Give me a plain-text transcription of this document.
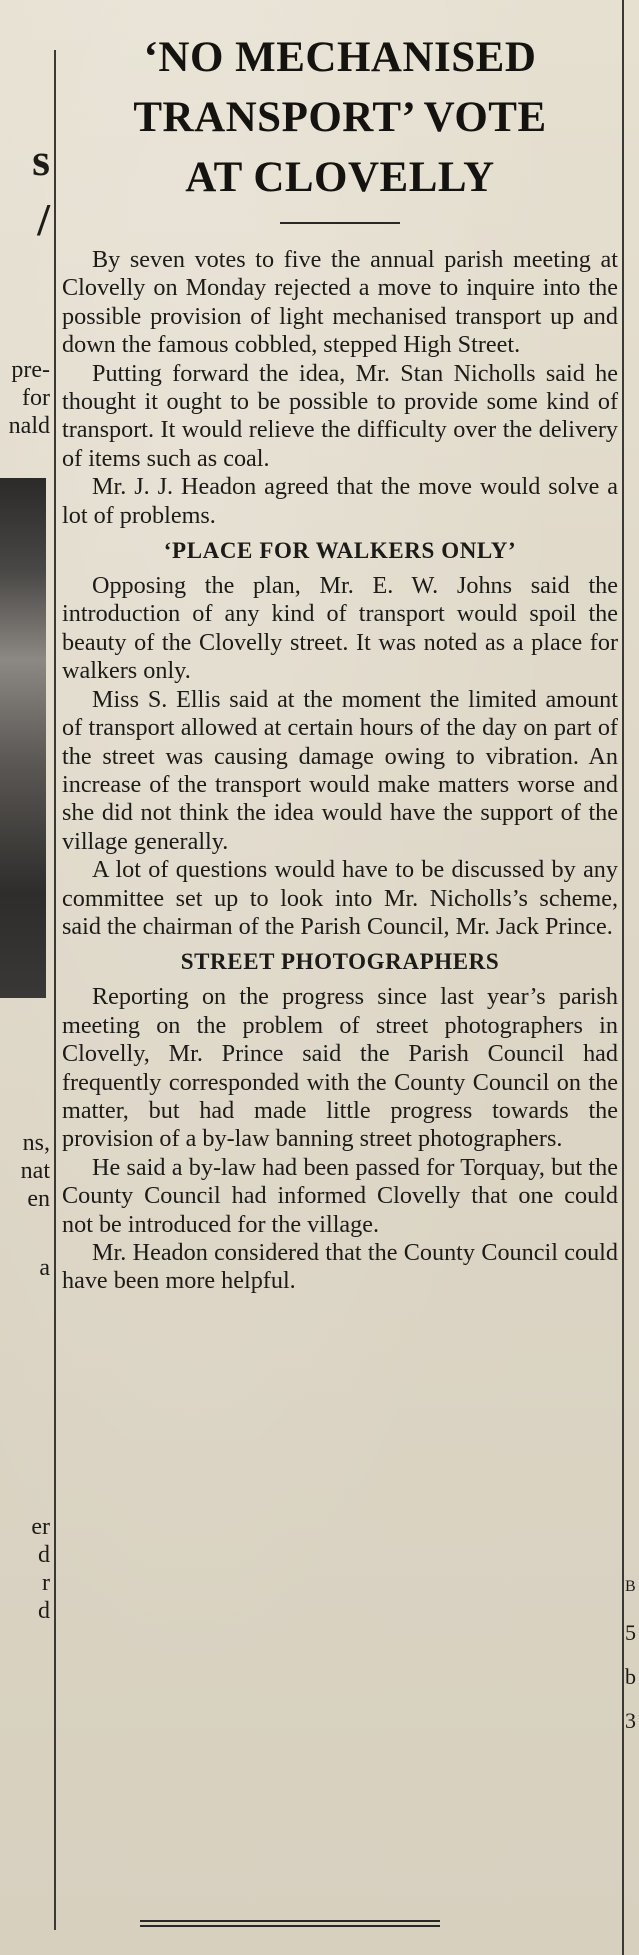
s
/
pre-
for
nald
ns,
nat
en
a
er
d
r
d
‘NO MECHANISED
TRANSPORT’ VOTE
AT CLOVELLY

By seven votes to five the annual parish meeting at Clovelly on Monday rejected a move to inquire into the possible provision of light mechanised transport up and down the famous cobbled, stepped High Street.

Putting forward the idea, Mr. Stan Nicholls said he thought it ought to be possible to provide some kind of transport. It would relieve the difficulty over the delivery of items such as coal.

Mr. J. J. Headon agreed that the move would solve a lot of problems.

‘PLACE FOR WALKERS ONLY’

Opposing the plan, Mr. E. W. Johns said the introduction of any kind of transport would spoil the beauty of the Clovelly street. It was noted as a place for walkers only.

Miss S. Ellis said at the moment the limited amount of transport allowed at certain hours of the day on part of the street was causing damage owing to vibration. An increase of the transport would make matters worse and she did not think the idea would have the support of the village generally.

A lot of questions would have to be discussed by any committee set up to look into Mr. Nicholls’s scheme, said the chairman of the Parish Council, Mr. Jack Prince.

STREET PHOTOGRAPHERS

Reporting on the progress since last year’s parish meeting on the problem of street photographers in Clovelly, Mr. Prince said the Parish Council had frequently corresponded with the County Council on the matter, but had made little progress towards the provision of a by-law banning street photographers.

He said a by-law had been passed for Torquay, but the County Council had informed Clovelly that one could not be introduced for the village.

Mr. Headon considered that the County Council could have been more helpful.

B
5
b
3
